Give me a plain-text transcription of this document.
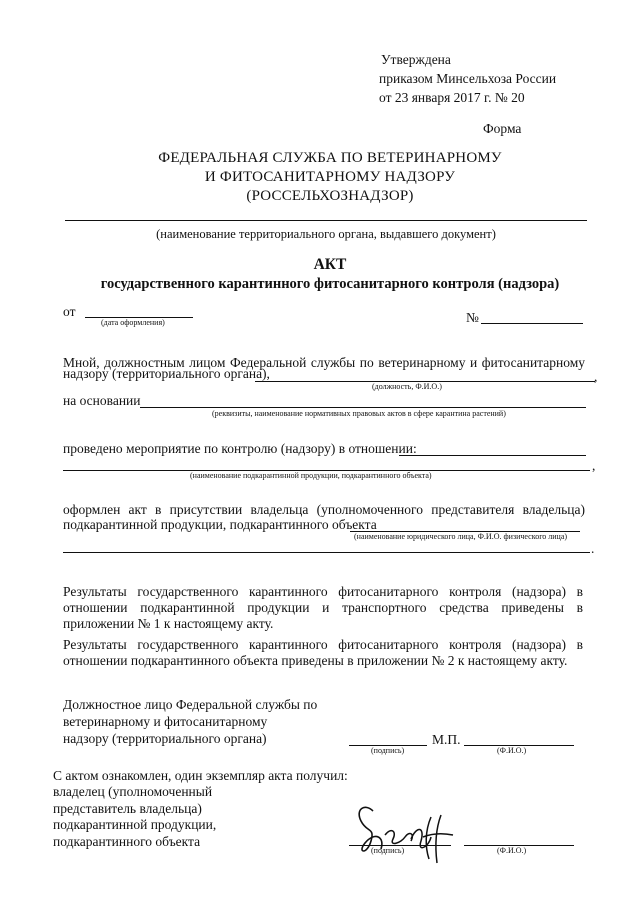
Утверждена
приказом Минсельхоза России
от 23 января 2017 г. № 20
Форма
ФЕДЕРАЛЬНАЯ СЛУЖБА ПО ВЕТЕРИНАРНОМУ
И ФИТОСАНИТАРНОМУ НАДЗОРУ
(РОССЕЛЬХОЗНАДЗОР)
(наименование территориального органа, выдавшего документ)
АКТ
государственного карантинного фитосанитарного контроля (надзора)
от
(дата оформления)	№
Мной, должностным лицом Федеральной службы по ветеринарному и фитосанитарному
надзору (территориального органа),	,
(должность, Ф.И.О.)
на основании
(реквизиты, наименование нормативных правовых актов в сфере карантина растений)
проведено мероприятие по контролю (надзору) в отношении:
,
(наименование подкарантинной продукции, подкарантинного объекта)
оформлен акт в присутствии владельца (уполномоченного представителя владельца)
подкарантинной продукции, подкарантинного объекта
(наименование юридического лица, Ф.И.О. физического лица)
.
Результаты государственного карантинного фитосанитарного контроля (надзора) в отношении подкарантинной продукции и транспортного средства приведены в приложении № 1 к настоящему акту.
Результаты государственного карантинного фитосанитарного контроля (надзора) в отношении подкарантинного объекта приведены в приложении № 2 к настоящему акту.
Должностное лицо Федеральной службы по
ветеринарному и фитосанитарному
надзору (территориального органа)
(подпись)
М.П.
(Ф.И.О.)
С актом ознакомлен, один экземпляр акта получил:
владелец (уполномоченный
представитель владельца)
подкарантинной продукции,
подкарантинного объекта
(подпись)	(Ф.И.О.)
